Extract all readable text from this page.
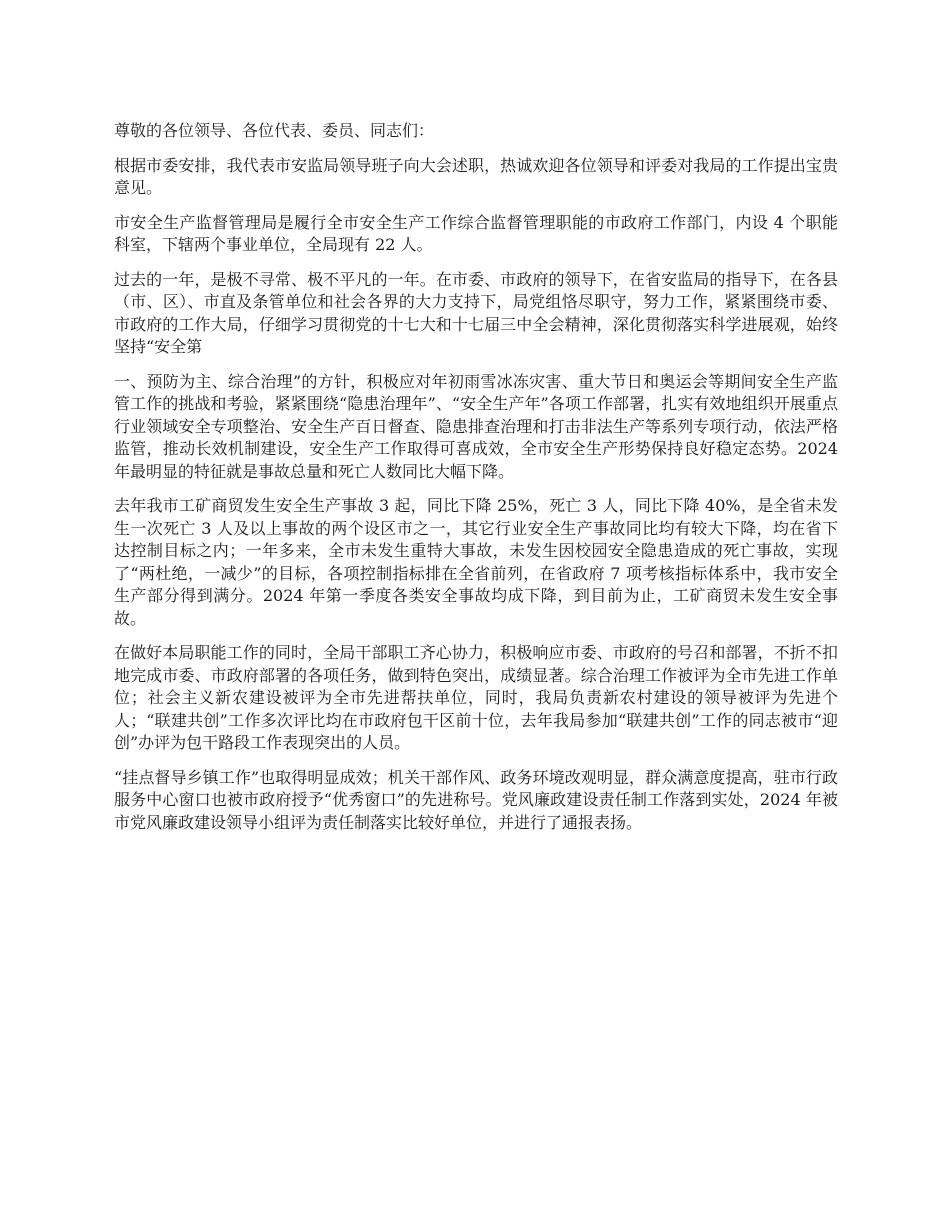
尊敬的各位领导、各位代表、委员、同志们：

根据市委安排，我代表市安监局领导班子向大会述职，热诚欢迎各位领导和评委对我局的工作提出宝贵意见。

市安全生产监督管理局是履行全市安全生产工作综合监督管理职能的市政府工作部门，内设 4 个职能科室，下辖两个事业单位，全局现有 22 人。

过去的一年，是极不寻常、极不平凡的一年。在市委、市政府的领导下，在省安监局的指导下，在各县（市、区）、市直及条管单位和社会各界的大力支持下，局党组恪尽职守，努力工作，紧紧围绕市委、市政府的工作大局，仔细学习贯彻党的十七大和十七届三中全会精神，深化贯彻落实科学进展观，始终坚持“安全第

一、预防为主、综合治理”的方针，积极应对年初雨雪冰冻灾害、重大节日和奥运会等期间安全生产监管工作的挑战和考验，紧紧围绕“隐患治理年”、“安全生产年”各项工作部署，扎实有效地组织开展重点行业领域安全专项整治、安全生产百日督查、隐患排查治理和打击非法生产等系列专项行动，依法严格监管，推动长效机制建设，安全生产工作取得可喜成效，全市安全生产形势保持良好稳定态势。2024 年最明显的特征就是事故总量和死亡人数同比大幅下降。

去年我市工矿商贸发生安全生产事故 3 起，同比下降 25%，死亡 3 人，同比下降 40%，是全省未发生一次死亡 3 人及以上事故的两个设区市之一，其它行业安全生产事故同比均有较大下降，均在省下达控制目标之内；一年多来，全市未发生重特大事故，未发生因校园安全隐患造成的死亡事故，实现了“两杜绝，一减少”的目标，各项控制指标排在全省前列，在省政府 7 项考核指标体系中，我市安全生产部分得到满分。2024 年第一季度各类安全事故均成下降，到目前为止，工矿商贸未发生安全事故。

在做好本局职能工作的同时，全局干部职工齐心协力，积极响应市委、市政府的号召和部署，不折不扣地完成市委、市政府部署的各项任务，做到特色突出，成绩显著。综合治理工作被评为全市先进工作单位；社会主义新农建设被评为全市先进帮扶单位，同时，我局负责新农村建设的领导被评为先进个人；“联建共创”工作多次评比均在市政府包干区前十位，去年我局参加“联建共创”工作的同志被市“迎创”办评为包干路段工作表现突出的人员。

“挂点督导乡镇工作”也取得明显成效；机关干部作风、政务环境改观明显，群众满意度提高，驻市行政服务中心窗口也被市政府授予“优秀窗口”的先进称号。党风廉政建设责任制工作落到实处，2024 年被市党风廉政建设领导小组评为责任制落实比较好单位，并进行了通报表扬。
